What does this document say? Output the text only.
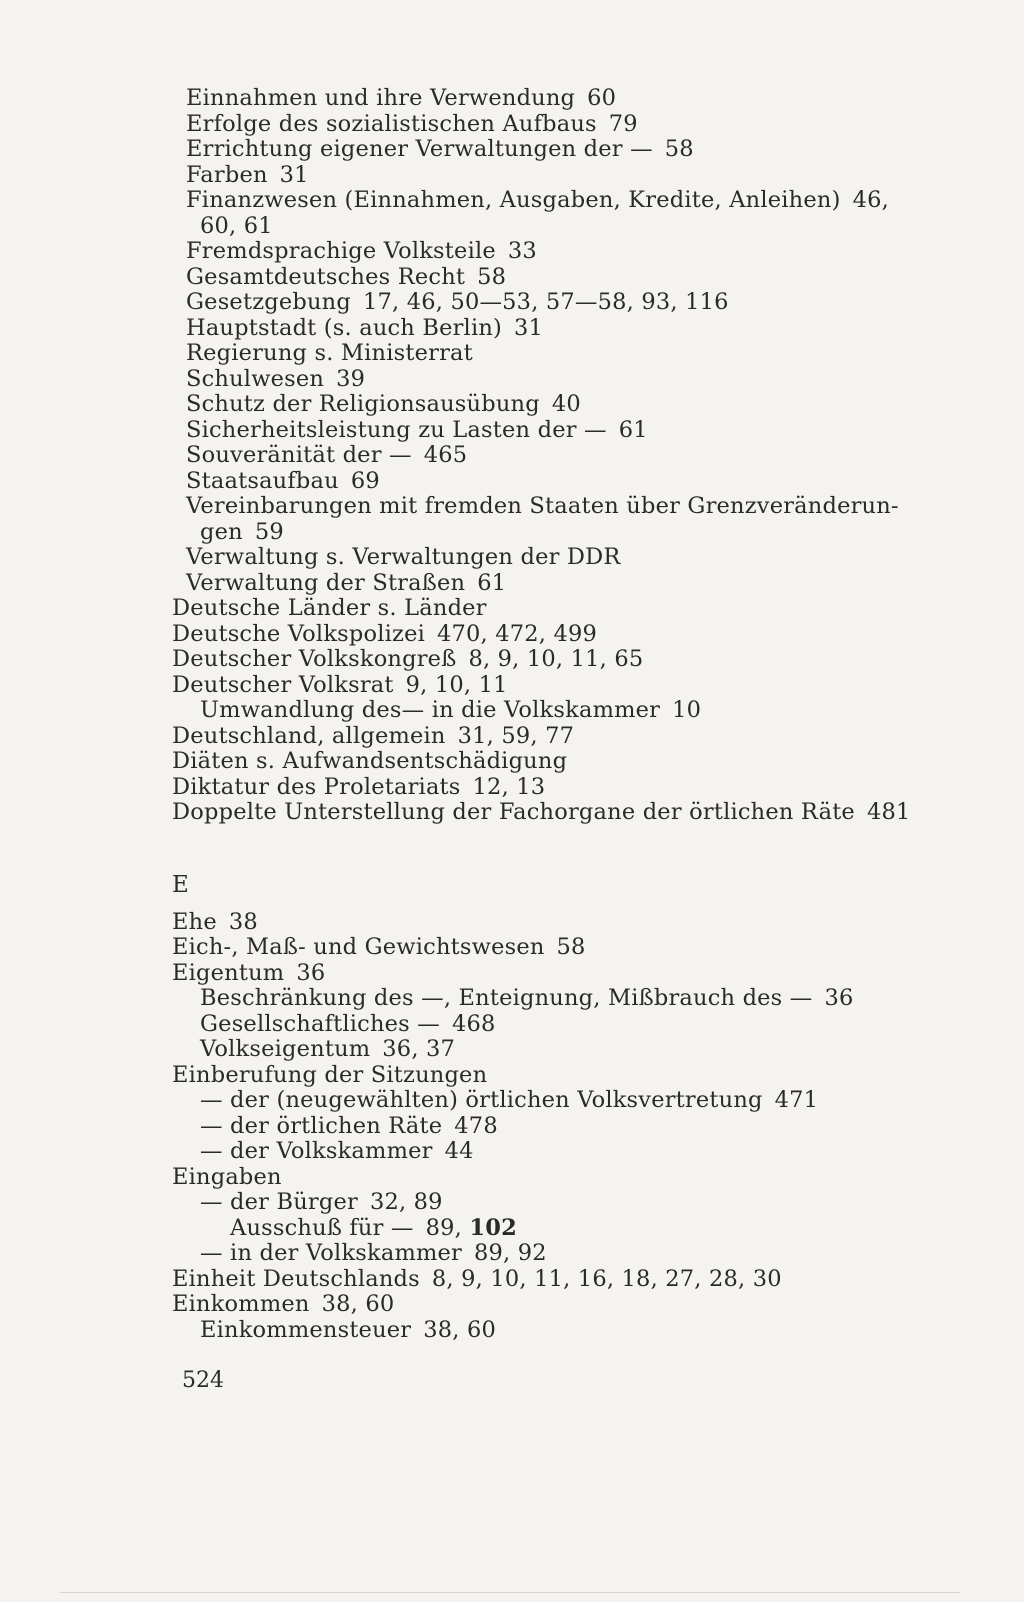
Einnahmen und ihre Verwendung 60
Erfolge des sozialistischen Aufbaus 79
Errichtung eigener Verwaltungen der — 58
Farben 31
Finanzwesen (Einnahmen, Ausgaben, Kredite, Anleihen) 46,
60, 61
Fremdsprachige Volksteile 33
Gesamtdeutsches Recht 58
Gesetzgebung 17, 46, 50—53, 57—58, 93, 116
Hauptstadt (s. auch Berlin) 31
Regierung s. Ministerrat
Schulwesen 39
Schutz der Religionsausübung 40
Sicherheitsleistung zu Lasten der — 61
Souveränität der — 465
Staatsaufbau 69
Vereinbarungen mit fremden Staaten über Grenzveränderun-
gen 59
Verwaltung s. Verwaltungen der DDR
Verwaltung der Straßen 61
Deutsche Länder s. Länder
Deutsche Volkspolizei 470, 472, 499
Deutscher Volkskongreß 8, 9, 10, 11, 65
Deutscher Volksrat 9, 10, 11
Umwandlung des— in die Volkskammer 10
Deutschland, allgemein 31, 59, 77
Diäten s. Aufwandsentschädigung
Diktatur des Proletariats 12, 13
Doppelte Unterstellung der Fachorgane der örtlichen Räte 481
E
Ehe 38
Eich-, Maß- und Gewichtswesen 58
Eigentum 36
Beschränkung des —, Enteignung, Mißbrauch des — 36
Gesellschaftliches — 468
Volkseigentum 36, 37
Einberufung der Sitzungen
— der (neugewählten) örtlichen Volksvertretung 471
— der örtlichen Räte 478
— der Volkskammer 44
Eingaben
— der Bürger 32, 89
Ausschuß für — 89, 102
— in der Volkskammer 89, 92
Einheit Deutschlands 8, 9, 10, 11, 16, 18, 27, 28, 30
Einkommen 38, 60
Einkommensteuer 38, 60
524
